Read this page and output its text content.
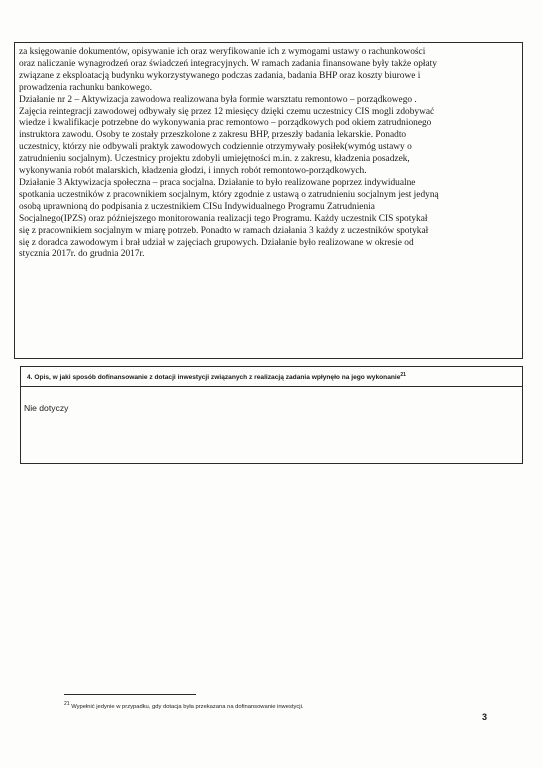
za księgowanie dokumentów, opisywanie ich oraz weryfikowanie ich z wymogami ustawy o rachunkowości
oraz naliczanie wynagrodzeń oraz świadczeń integracyjnych. W ramach zadania finansowane były także opłaty
związane z eksploatacją budynku wykorzystywanego podczas zadania, badania BHP oraz koszty biurowe i
prowadzenia rachunku bankowego.
Działanie nr 2 – Aktywizacja zawodowa realizowana była formie warsztatu remontowo – porządkowego .
Zajęcia reintegracji zawodowej odbywały się przez 12 miesięcy dzięki czemu uczestnicy CIS mogli zdobywać
wiedze i kwalifikacje potrzebne do wykonywania prac remontowo – porządkowych pod okiem zatrudnionego
instruktora zawodu. Osoby te zostały przeszkolone z zakresu BHP, przeszły badania lekarskie. Ponadto
uczestnicy, którzy nie odbywali praktyk zawodowych codziennie otrzymywały posiłek(wymóg ustawy o
zatrudnieniu socjalnym). Uczestnicy projektu zdobyli umiejętności m.in. z zakresu, kładzenia posadzek,
wykonywania robót malarskich, kładzenia głodzi, i innych robót remontowo-porządkowych.
Działanie 3 Aktywizacja społeczna – praca socjalna. Działanie to było realizowane poprzez indywidualne
spotkania uczestników z pracownikiem socjalnym, który zgodnie z ustawą o zatrudnieniu socjalnym jest jedyną
osobą uprawnioną do podpisania z uczestnikiem CISu Indywidualnego Programu Zatrudnienia
Socjalnego(IPZS) oraz późniejszego monitorowania realizacji tego Programu. Każdy uczestnik CIS spotykał
się z pracownikiem socjalnym w miarę potrzeb. Ponadto w ramach działania 3 każdy z uczestników spotykał
się z doradca zawodowym i brał udział w zajęciach grupowych. Działanie było realizowane w okresie od
stycznia 2017r. do grudnia 2017r.

4. Opis, w jaki sposób dofinansowanie z dotacji inwestycji związanych z realizacją zadania wpłynęło na jego wykonanie$^{21}$
Nie dotyczy
$^{21}$ Wypełnić jedynie w przypadku, gdy dotacja była przekazana na dofinansowanie inwestycji.
3
